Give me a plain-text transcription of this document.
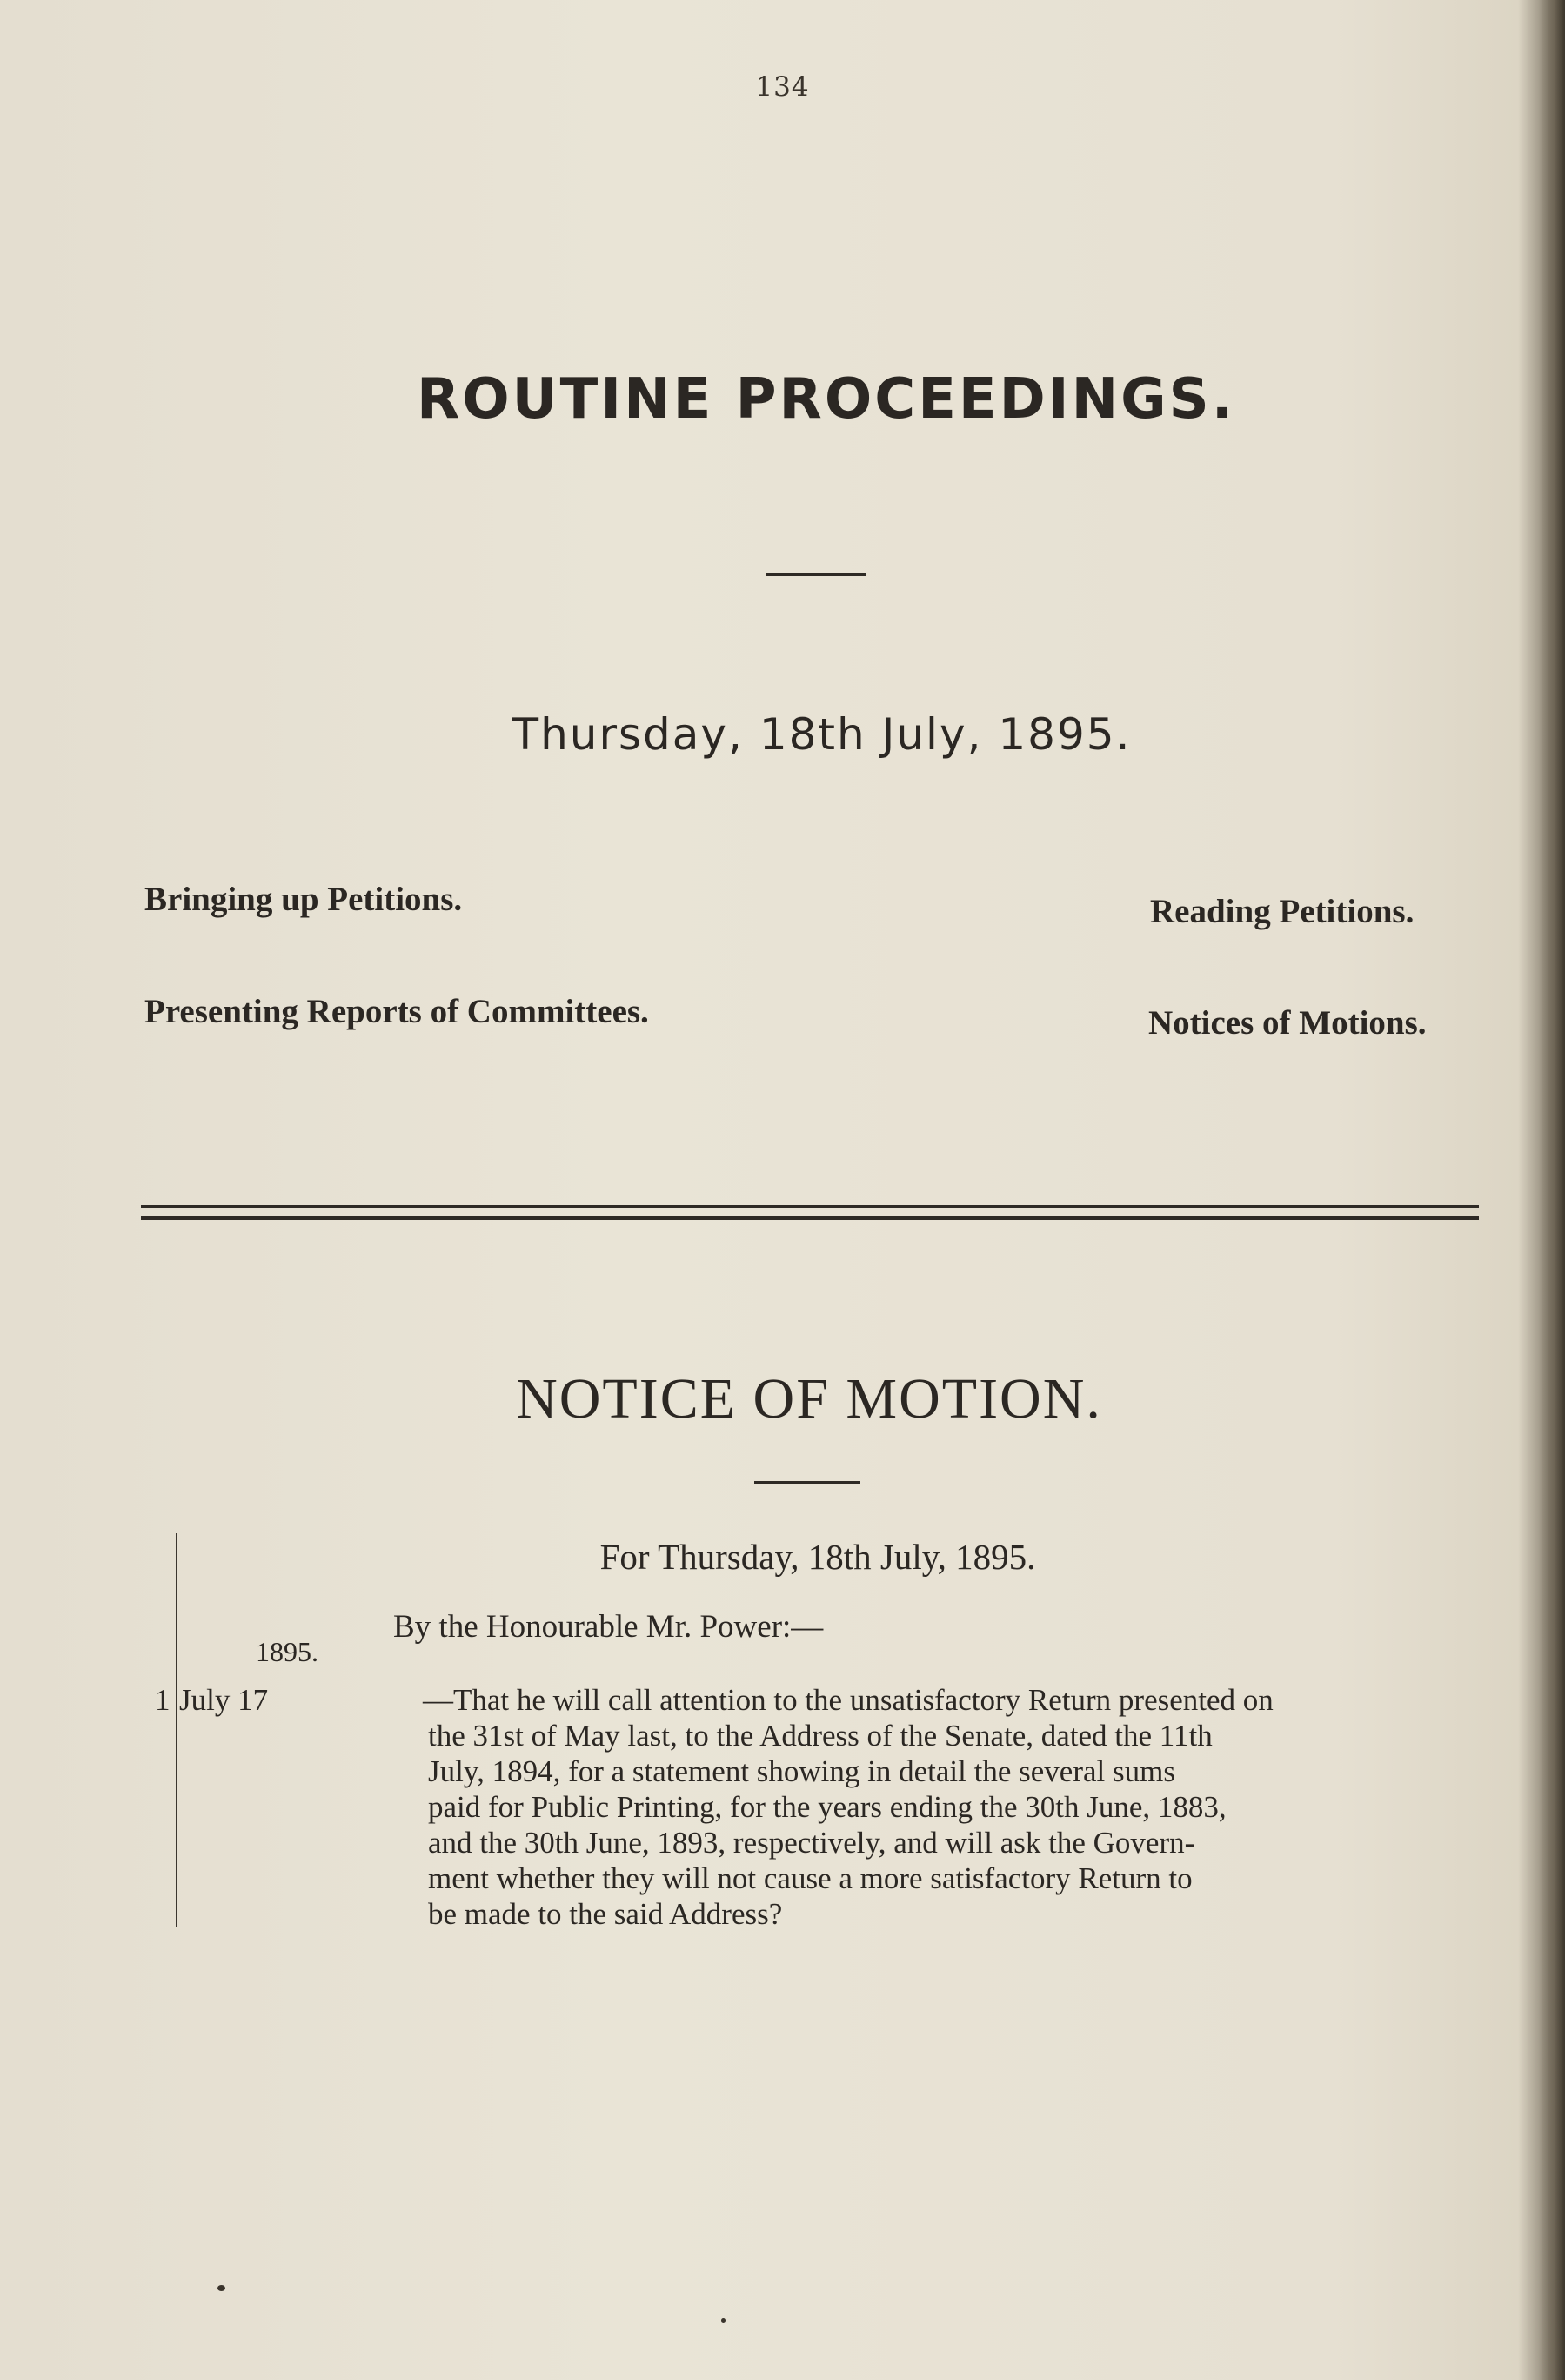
134
ROUTINE PROCEEDINGS.
Thursday, 18th July, 1895.
Bringing up Petitions.	Reading Petitions.
Presenting Reports of Committees.	Notices of Motions.
NOTICE OF MOTION.
For Thursday, 18th July, 1895.
By the Honourable Mr. Power:—
1895.
1 July 17	—That he will call attention to the unsatisfactory Return presented on
the 31st of May last, to the Address of the Senate, dated the 11th
July, 1894, for a statement showing in detail the several sums
paid for Public Printing, for the years ending the 30th June, 1883,
and the 30th June, 1893, respectively, and will ask the Govern-
ment whether they will not cause a more satisfactory Return to
be made to the said Address?
